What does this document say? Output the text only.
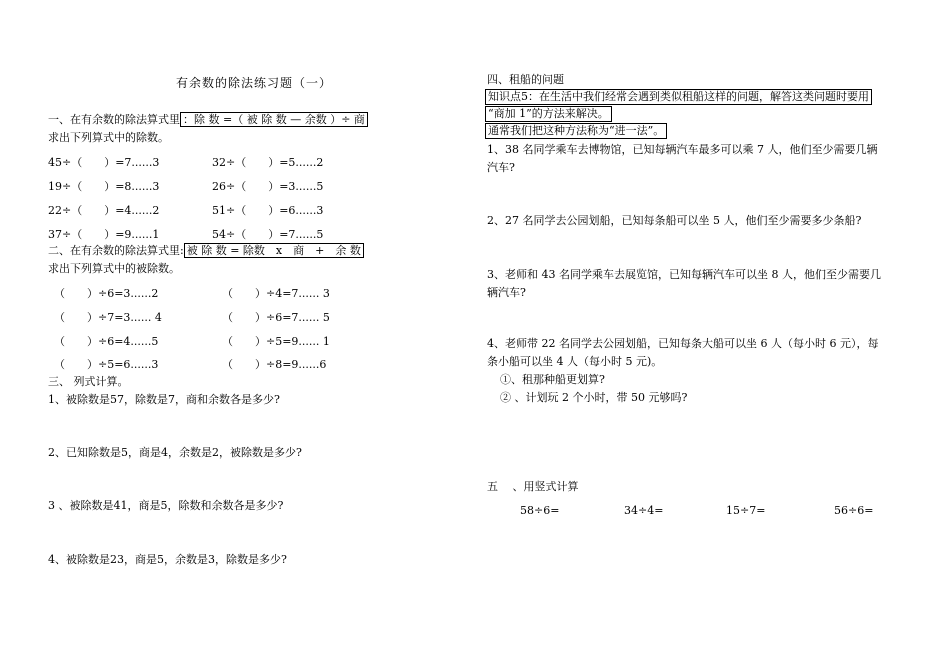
有余数的除法练习题（一）
一、在有余数的除法算式里 ：除 数 =（ 被 除 数 — 余数 ）÷ 商
求出下列算式中的除数。
45÷（　　）=7......3	32÷（　　）=5......2
19÷（　　）=8......3	26÷（　　）=3......5
22÷（　　）=4......2	51÷（　　）=6......3
37÷（　　）=9......1	54÷（　　）=7......5
二、在有余数的除法算式里: 被 除 数 = 除数　x　商　+　余 数
求出下列算式中的被除数。
（　　）÷6=3......2	（　　）÷4=7...... 3
（　　）÷7=3...... 4	（　　）÷6=7...... 5
（　　）÷6=4......5	（　　）÷5=9...... 1
（　　）÷5=6......3	（　　）÷8=9......6
三、 列式计算。
1、被除数是57，除数是7，商和余数各是多少?
2、已知除数是5，商是4，余数是2，被除数是多少?
3 、被除数是41，商是5，除数和余数各是多少?
4、被除数是23，商是5，余数是3，除数是多少?
四、租船的问题
知识点5：在生活中我们经常会遇到类似租船这样的问题，解答这类问题时要用
“商加 1”的方法来解决。
通常我们把这种方法称为“进一法”。
1、38 名同学乘车去博物馆，已知每辆汽车最多可以乘 7 人，他们至少需要几辆
汽车?
2、27 名同学去公园划船，已知每条船可以坐 5 人，他们至少需要多少条船?
3、老师和 43 名同学乘车去展览馆，已知每辆汽车可以坐 8 人，他们至少需要几
辆汽车?
4、老师带 22 名同学去公园划船，已知每条大船可以坐 6 人（每小时 6 元），每
条小船可以坐 4 人（每小时 5 元)。
①、租那种船更划算?
② 、计划玩 2 个小时，带 50 元够吗?
五　 、用竖式计算
58÷6=	34÷4=	15÷7=	56÷6=
